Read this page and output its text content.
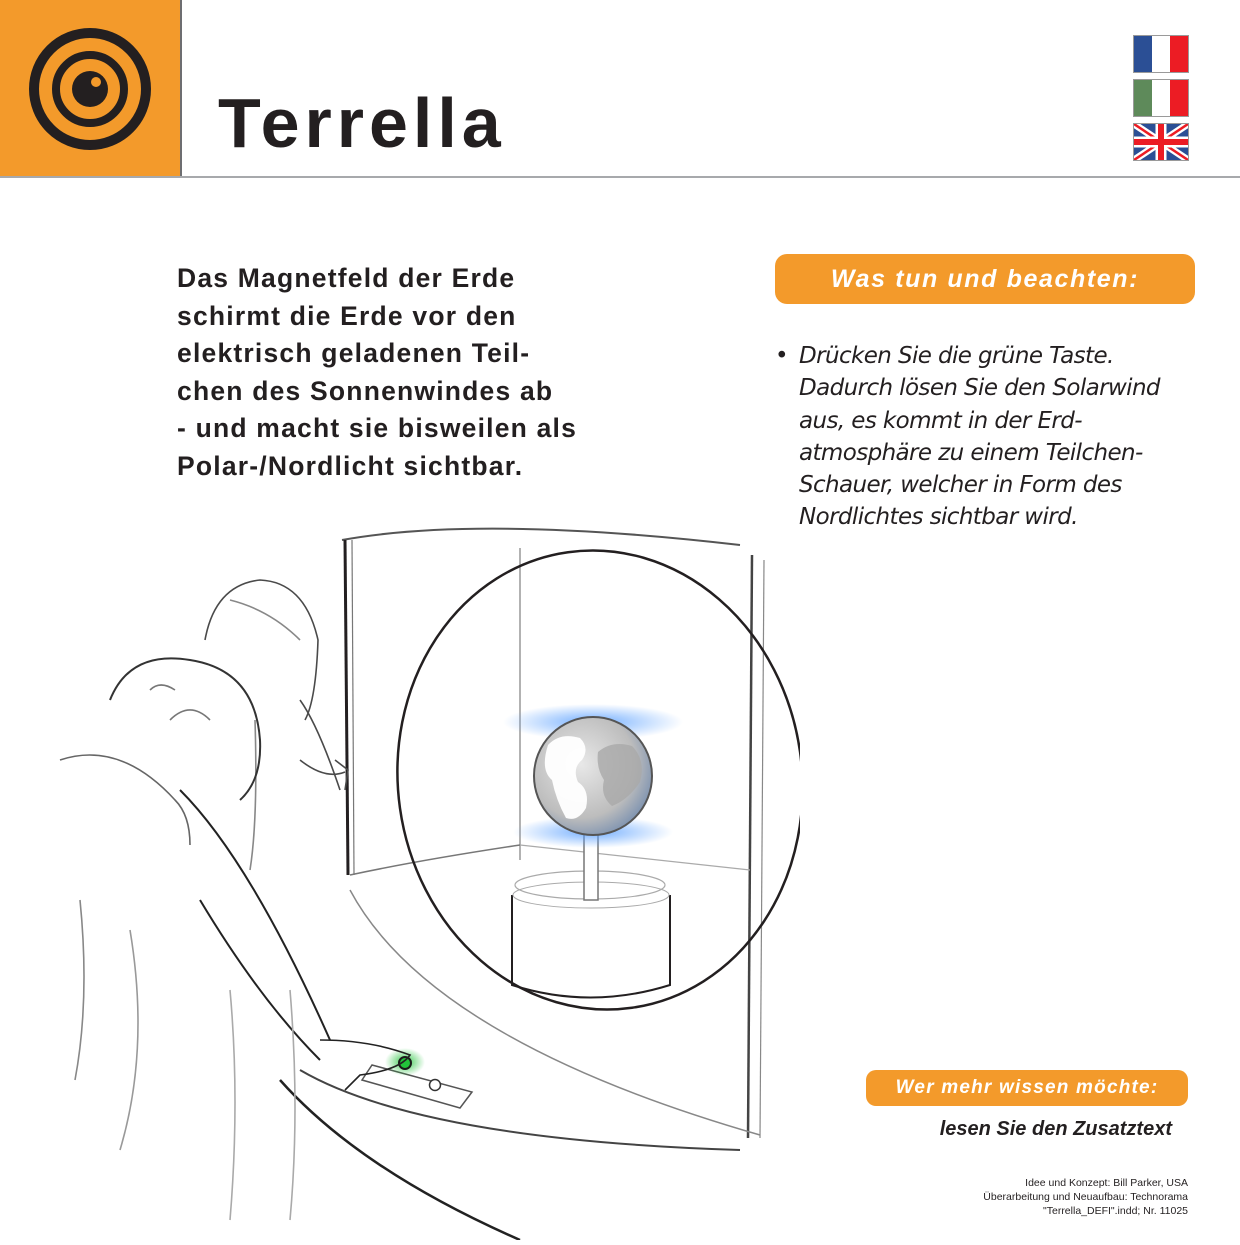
Terrella
Das Magnetfeld der Erde
schirmt die Erde vor den
elektrisch geladenen Teil-
chen des Sonnenwindes ab
- und macht sie bisweilen als
Polar-/Nordlicht sichtbar.
Was tun und beachten:
• Drücken Sie die grüne Taste.
Dadurch lösen Sie den Solarwind
aus, es kommt in der Erd-
atmosphäre zu einem Teilchen-
Schauer, welcher in Form des
Nordlichtes sichtbar wird.
Wer mehr wissen möchte:
lesen Sie den Zusatztext
Idee und Konzept: Bill Parker, USA
Überarbeitung und Neuaufbau: Technorama
"Terrella_DEFI".indd; Nr. 11025
